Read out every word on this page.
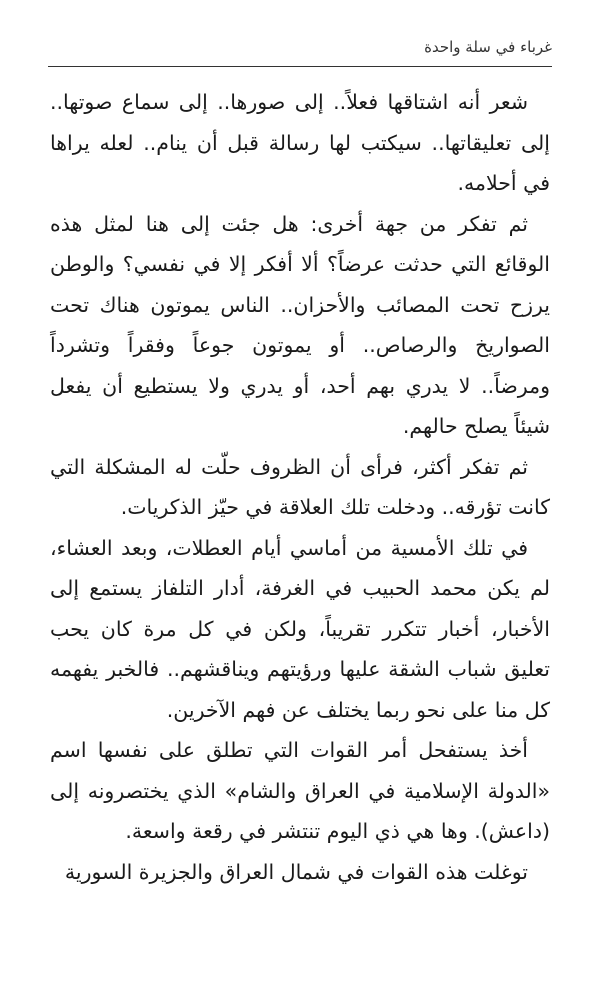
غرباء في سلة واحدة

شعر أنه اشتاقها فعلاً.. إلى صورها.. إلى سماع صوتها.. إلى تعليقاتها.. سيكتب لها رسالة قبل أن ينام.. لعله يراها في أحلامه.

ثم تفكر من جهة أخرى: هل جئت إلى هنا لمثل هذه الوقائع التي حدثت عرضاً؟ ألا أفكر إلا في نفسي؟ والوطن يرزح تحت المصائب والأحزان.. الناس يموتون هناك تحت الصواريخ والرصاص.. أو يموتون جوعاً وفقراً وتشرداً ومرضاً.. لا يدري بهم أحد، أو يدري ولا يستطيع أن يفعل شيئاً يصلح حالهم.

ثم تفكر أكثر، فرأى أن الظروف حلّت له المشكلة التي كانت تؤرقه.. ودخلت تلك العلاقة في حيّز الذكريات.

في تلك الأمسية من أماسي أيام العطلات، وبعد العشاء، لم يكن محمد الحبيب في الغرفة، أدار التلفاز يستمع إلى الأخبار، أخبار تتكرر تقريباً، ولكن في كل مرة كان يحب تعليق شباب الشقة عليها ورؤيتهم ويناقشهم.. فالخبر يفهمه كل منا على نحو ربما يختلف عن فهم الآخرين.

أخذ يستفحل أمر القوات التي تطلق على نفسها اسم «الدولة الإسلامية في العراق والشام» الذي يختصرونه إلى (داعش). وها هي ذي اليوم تنتشر في رقعة واسعة.

توغلت هذه القوات في شمال العراق والجزيرة السورية
